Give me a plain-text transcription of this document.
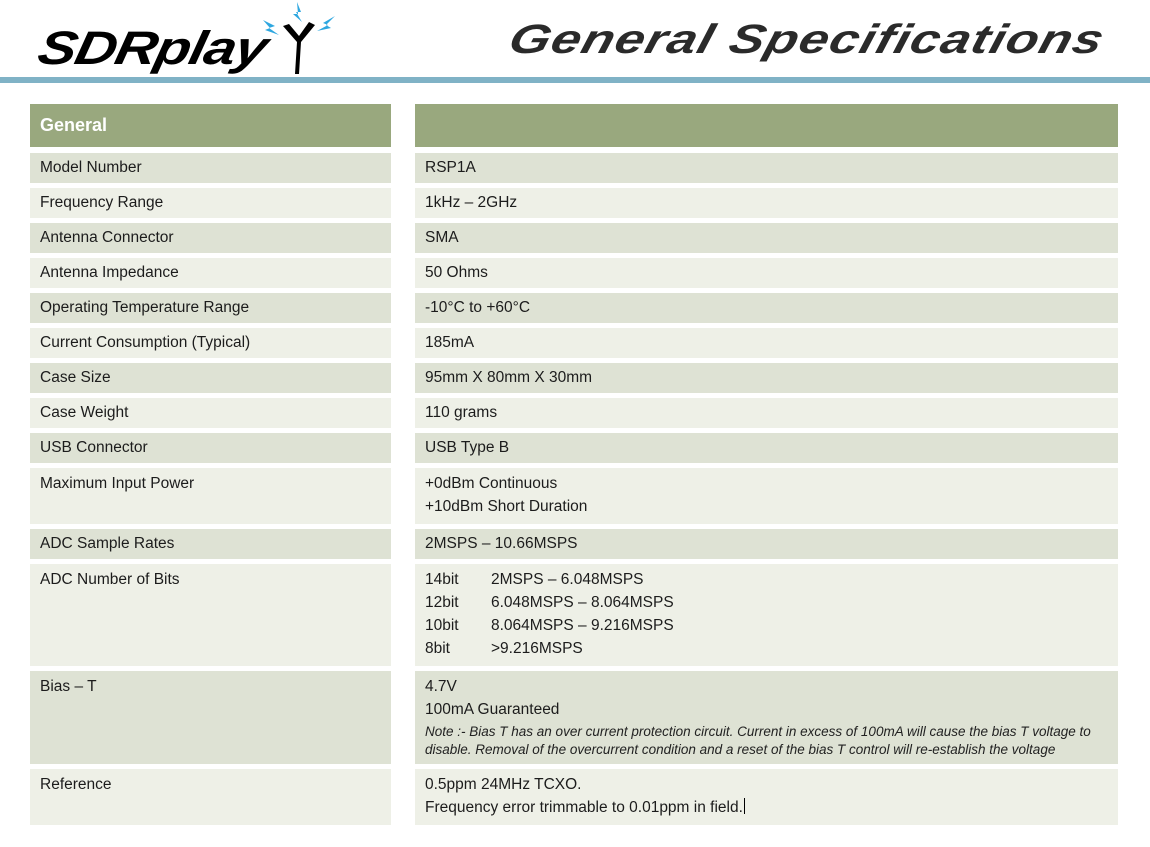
SDRplay	General Specifications
General
Model Number	RSP1A
Frequency Range	1kHz – 2GHz
Antenna Connector	SMA
Antenna Impedance	50 Ohms
Operating Temperature Range	-10°C to +60°C
Current Consumption (Typical)	185mA
Case Size	95mm X 80mm X 30mm
Case Weight	110 grams
USB Connector	USB Type B
Maximum Input Power	+0dBm Continuous
+10dBm Short Duration
ADC Sample Rates	2MSPS – 10.66MSPS
ADC Number of Bits	14bit 2MSPS – 6.048MSPS
12bit 6.048MSPS – 8.064MSPS
10bit 8.064MSPS – 9.216MSPS
8bit	>9.216MSPS
Bias – T	4.7V
100mA Guaranteed
Note :- Bias T has an over current protection circuit. Current in excess of 100mA will cause the bias T voltage to disable. Removal of the overcurrent condition and a reset of the bias T control will re-establish the voltage
Reference	0.5ppm 24MHz TCXO.
Frequency error trimmable to 0.01ppm in field.
